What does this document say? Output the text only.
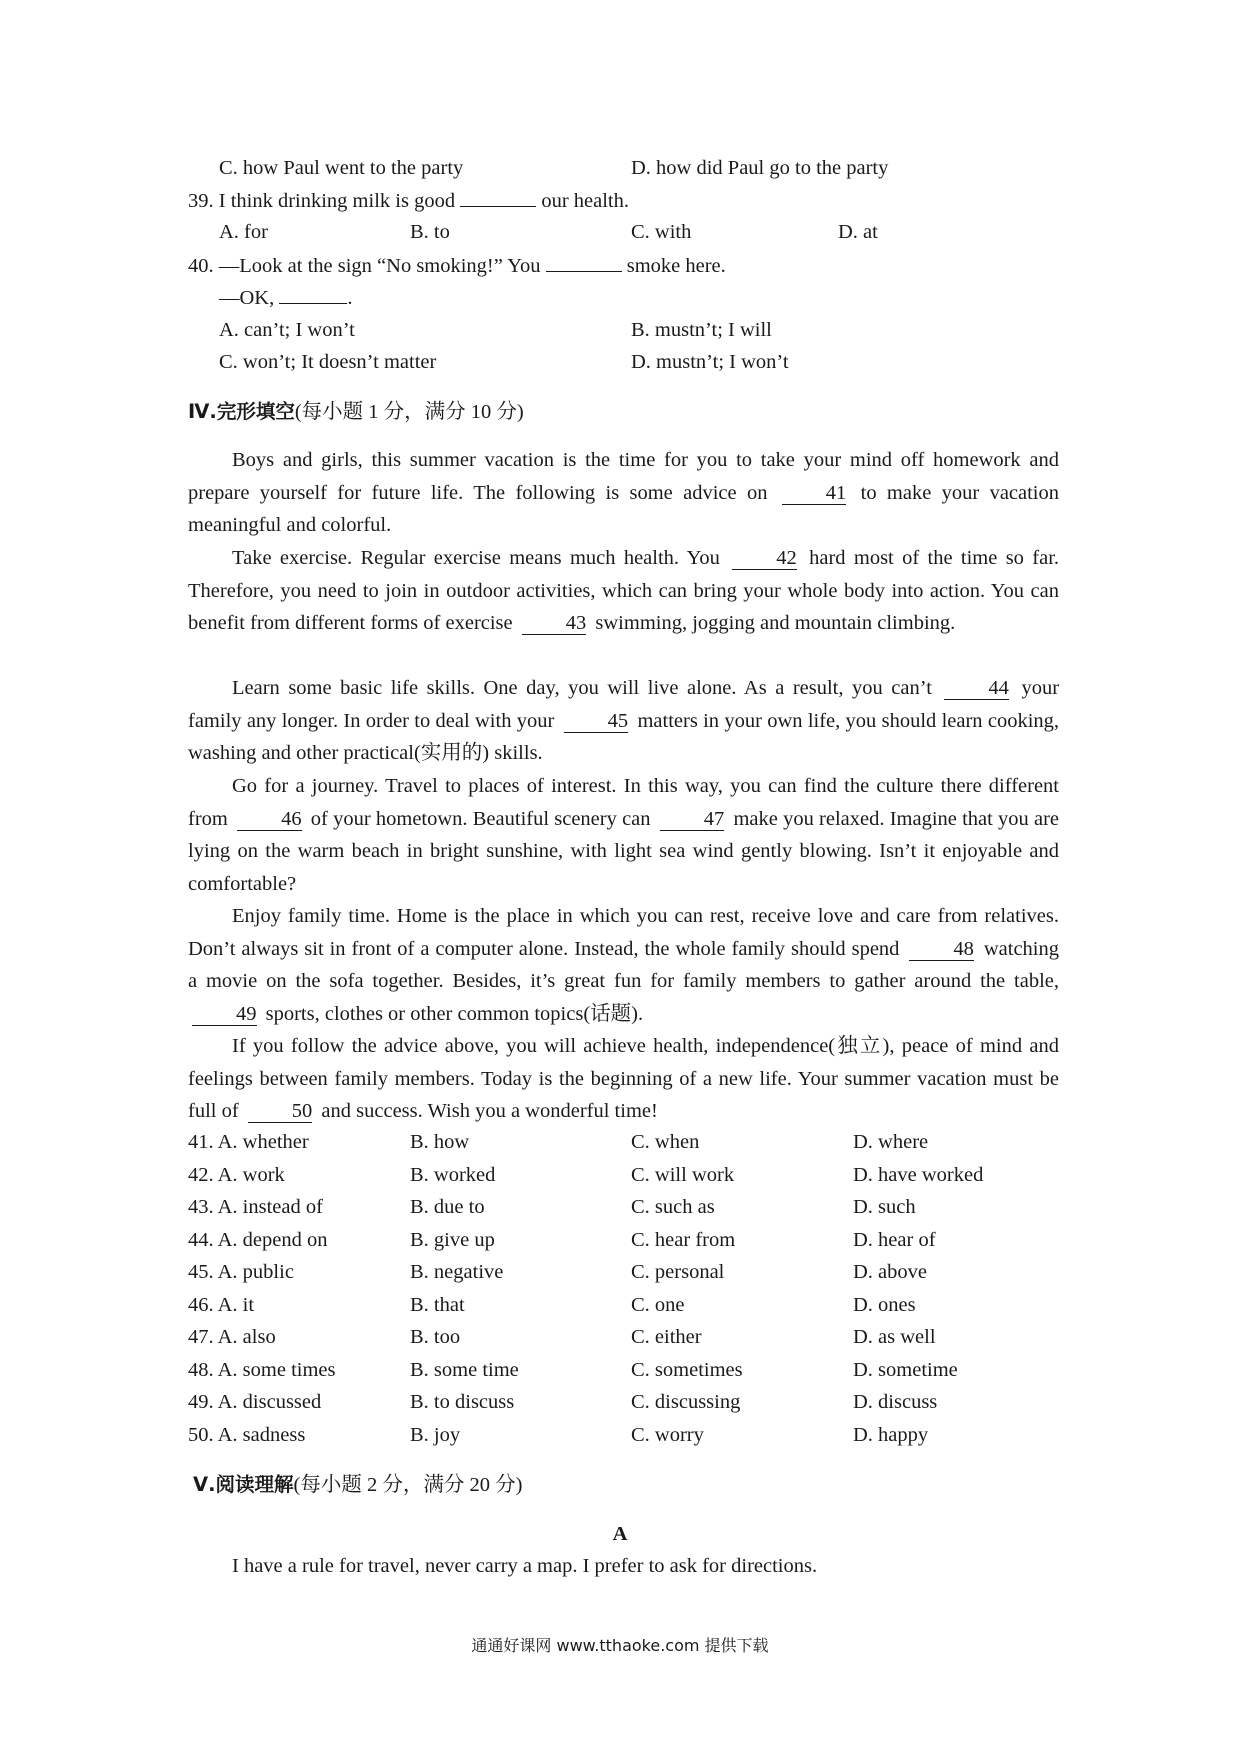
C. how Paul went to the party	D. how did Paul go to the party
39. I think drinking milk is good	our health.
A. for	B. to	C. with	D. at
40. —Look at the sign “No smoking!” You	smoke here.
—OK,	.
A. can’t; I won’t	B. mustn’t; I will
C. won’t; It doesn’t matter	D. mustn’t; I won’t
Ⅳ.完形填空(每小题 1 分，满分 10 分)
Boys and girls, this summer vacation is the time for you to take your mind off homework and prepare yourself for future life. The following is some advice on	41 to make your vacation meaningful and colorful.
Take exercise. Regular exercise means much health. You	42 hard most of the time so far. Therefore, you need to join in outdoor activities, which can bring your whole body into action. You can benefit from different forms of exercise	43 swimming, jogging and mountain climbing.
Learn some basic life skills. One day, you will live alone. As a result, you can’t	44 your family any longer. In order to deal with your	45 matters in your own life, you should learn cooking, washing and other practical(实用的) skills.
Go for a journey. Travel to places of interest. In this way, you can find the culture there different from	46 of your hometown. Beautiful scenery can	47 make you relaxed. Imagine that you are lying on the warm beach in bright sunshine, with light sea wind gently blowing. Isn’t it enjoyable and comfortable?
Enjoy family time. Home is the place in which you can rest, receive love and care from relatives. Don’t always sit in front of a computer alone. Instead, the whole family should spend	48 watching a movie on the sofa together. Besides, it’s great fun for family members to gather around the table, 49 sports, clothes or other common topics(话题).
If you follow the advice above, you will achieve health, independence(独立), peace of mind and feelings between family members. Today is the beginning of a new life. Your summer vacation must be full of	50 and success. Wish you a wonderful time!
41. A. whether	B. how	C. when	D. where
42. A. work	B. worked	C. will work	D. have worked
43. A. instead of	B. due to	C. such as	D. such
44. A. depend on	B. give up	C. hear from	D. hear of
45. A. public	B. negative	C. personal	D. above
46. A. it	B. that	C. one	D. ones
47. A. also	B. too	C. either	D. as well
48. A. some times	B. some time	C. sometimes	D. sometime
49. A. discussed	B. to discuss	C. discussing	D. discuss
50. A. sadness	B. joy	C. worry	D. happy
Ⅴ.阅读理解(每小题 2 分，满分 20 分)
A
I have a rule for travel, never carry a map. I prefer to ask for directions.
通通好课网 www.tthaoke.com 提供下载
